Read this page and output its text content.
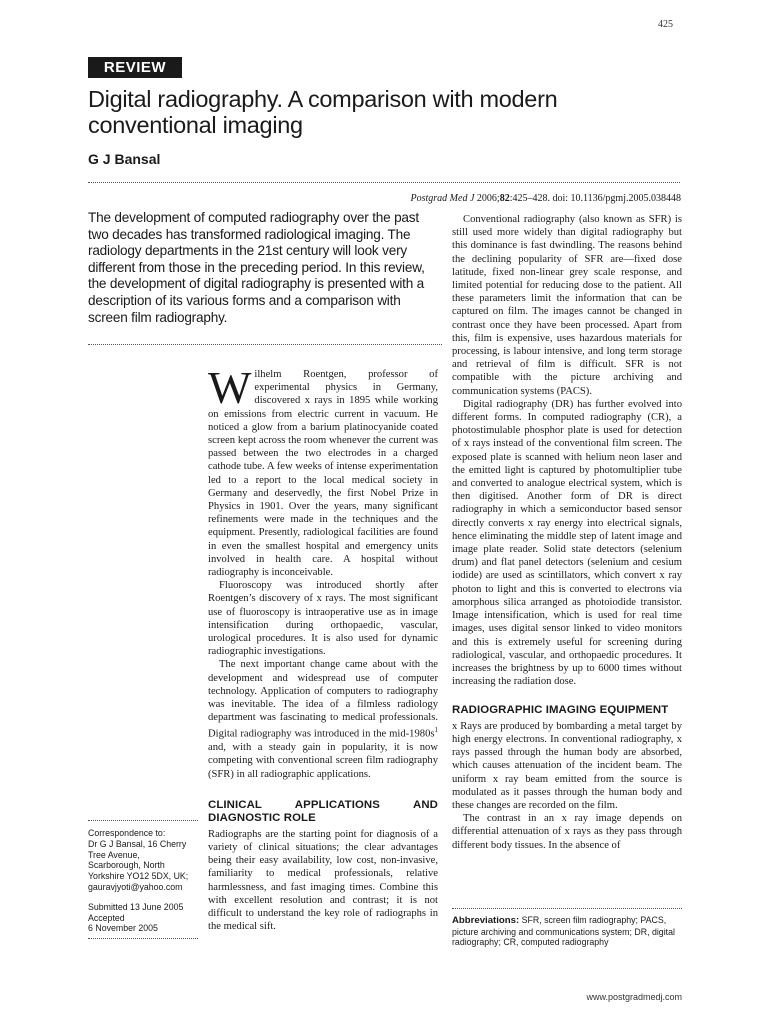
425
REVIEW
Digital radiography. A comparison with modern conventional imaging
G J Bansal
Postgrad Med J 2006;82:425–428. doi: 10.1136/pgmj.2005.038448

The development of computed radiography over the past two decades has transformed radiological imaging. The radiology departments in the 21st century will look very different from those in the preceding period. In this review, the development of digital radiography is presented with a description of its various forms and a comparison with screen film radiography.

Wilhelm Roentgen, professor of experimental physics in Germany, discovered x rays in 1895 while working on emissions from electric current in vacuum. He noticed a glow from a barium platinocyanide coated screen kept across the room whenever the current was passed between the two electrodes in a charged cathode tube. A few weeks of intense experimentation led to a report to the local medical society in Germany and deservedly, the first Nobel Prize in Physics in 1901. Over the years, many significant refinements were made in the techniques and the equipment. Presently, radiological facilities are found in even the smallest hospital and emergency units involved in health care. A hospital without radiography is inconceivable.

Fluoroscopy was introduced shortly after Roentgen’s discovery of x rays. The most significant use of fluoroscopy is intraoperative use as in image intensification during orthopaedic, vascular, urological procedures. It is also used for dynamic radiographic investigations.

The next important change came about with the development and widespread use of computer technology. Application of computers to radiography was inevitable. The idea of a filmless radiology department was fascinating to medical professionals. Digital radiography was introduced in the mid-$1980s^1$ and, with a steady gain in popularity, it is now competing with conventional screen film radiography (SFR) in all radiographic applications.

CLINICAL APPLICATIONS AND DIAGNOSTIC ROLE

Radiographs are the starting point for diagnosis of a variety of clinical situations; the clear advantages being their easy availability, low cost, non-invasive, familiarity to medical professionals, relative harmlessness, and fast imaging times. Combine this with excellent resolution and contrast; it is not difficult to understand the key role of radiographs in the medical sift.

Conventional radiography (also known as SFR) is still used more widely than digital radiography but this dominance is fast dwindling. The reasons behind the declining popularity of SFR are—fixed dose latitude, fixed non-linear grey scale response, and limited potential for reducing dose to the patient. All these parameters limit the information that can be captured on film. The images cannot be changed in contrast once they have been processed. Apart from this, film is expensive, uses hazardous materials for processing, is labour intensive, and long term storage and retrieval of film is difficult. SFR is not compatible with the picture archiving and communication systems (PACS).

Digital radiography (DR) has further evolved into different forms. In computed radiography (CR), a photostimulable phosphor plate is used for detection of x rays instead of the conventional film screen. The exposed plate is scanned with helium neon laser and the emitted light is captured by photomultiplier tube and converted to analogue electrical system, which is then digitised. Another form of DR is direct radiography in which a semiconductor based sensor directly converts x ray energy into electrical signals, hence eliminating the middle step of latent image and image plate reader. Solid state detectors (selenium drum) and flat panel detectors (selenium and cesium iodide) are used as scintillators, which convert x ray photon to light and this is converted to electrons via amorphous silica arranged as photoiodide transistor. Image intensification, which is used for real time images, uses digital sensor linked to video monitors and this is extremely useful for screening during radiological, vascular, and orthopaedic procedures. It increases the brightness by up to 6000 times without increasing the radiation dose.

RADIOGRAPHIC IMAGING EQUIPMENT

x Rays are produced by bombarding a metal target by high energy electrons. In conventional radiography, x rays passed through the human body are absorbed, which causes attenuation of the incident beam. The uniform x ray beam emitted from the source is modulated as it passes through the human body and these changes are recorded on the film.

The contrast in an x ray image depends on differential attenuation of x rays as they pass through different body tissues. In the absence of

Correspondence to:

Dr G J Bansal, 16 Cherry

Tree Avenue,

Scarborough, North

Yorkshire YO12 5DX, UK;

gauravjyoti@yahoo.com

Submitted 13 June 2005

Accepted

6 November 2005

Abbreviations: SFR, screen film radiography; PACS, picture archiving and communications system; DR, digital radiography; CR, computed radiography
www.postgradmedj.com
